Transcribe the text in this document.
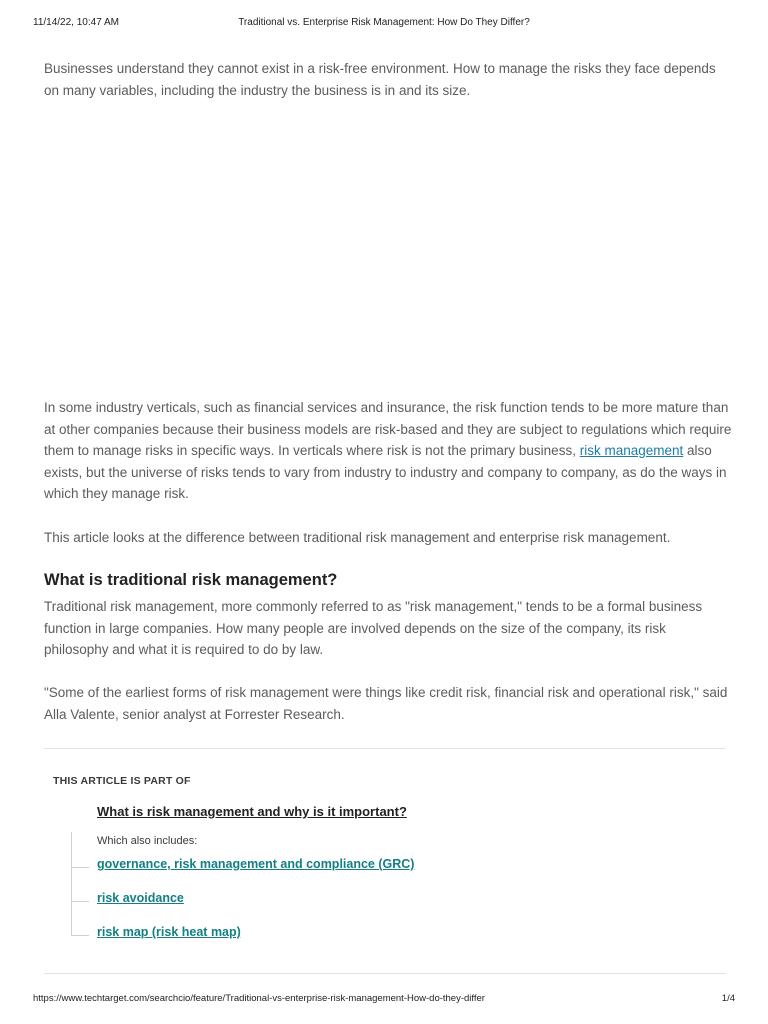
11/14/22, 10:47 AM	Traditional vs. Enterprise Risk Management: How Do They Differ?

Businesses understand they cannot exist in a risk-free environment. How to manage the risks they face depends on many variables, including the industry the business is in and its size.

In some industry verticals, such as financial services and insurance, the risk function tends to be more mature than at other companies because their business models are risk-based and they are subject to regulations which require them to manage risks in specific ways. In verticals where risk is not the primary business, risk management also exists, but the universe of risks tends to vary from industry to industry and company to company, as do the ways in which they manage risk.

This article looks at the difference between traditional risk management and enterprise risk management.

What is traditional risk management?

Traditional risk management, more commonly referred to as "risk management," tends to be a formal business function in large companies. How many people are involved depends on the size of the company, its risk philosophy and what it is required to do by law.

"Some of the earliest forms of risk management were things like credit risk, financial risk and operational risk," said Alla Valente, senior analyst at Forrester Research.

THIS ARTICLE IS PART OF
What is risk management and why is it important?
Which also includes:
governance, risk management and compliance (GRC)
risk avoidance
risk map (risk heat map)
https://www.techtarget.com/searchcio/feature/Traditional-vs-enterprise-risk-management-How-do-they-differ	1/4
